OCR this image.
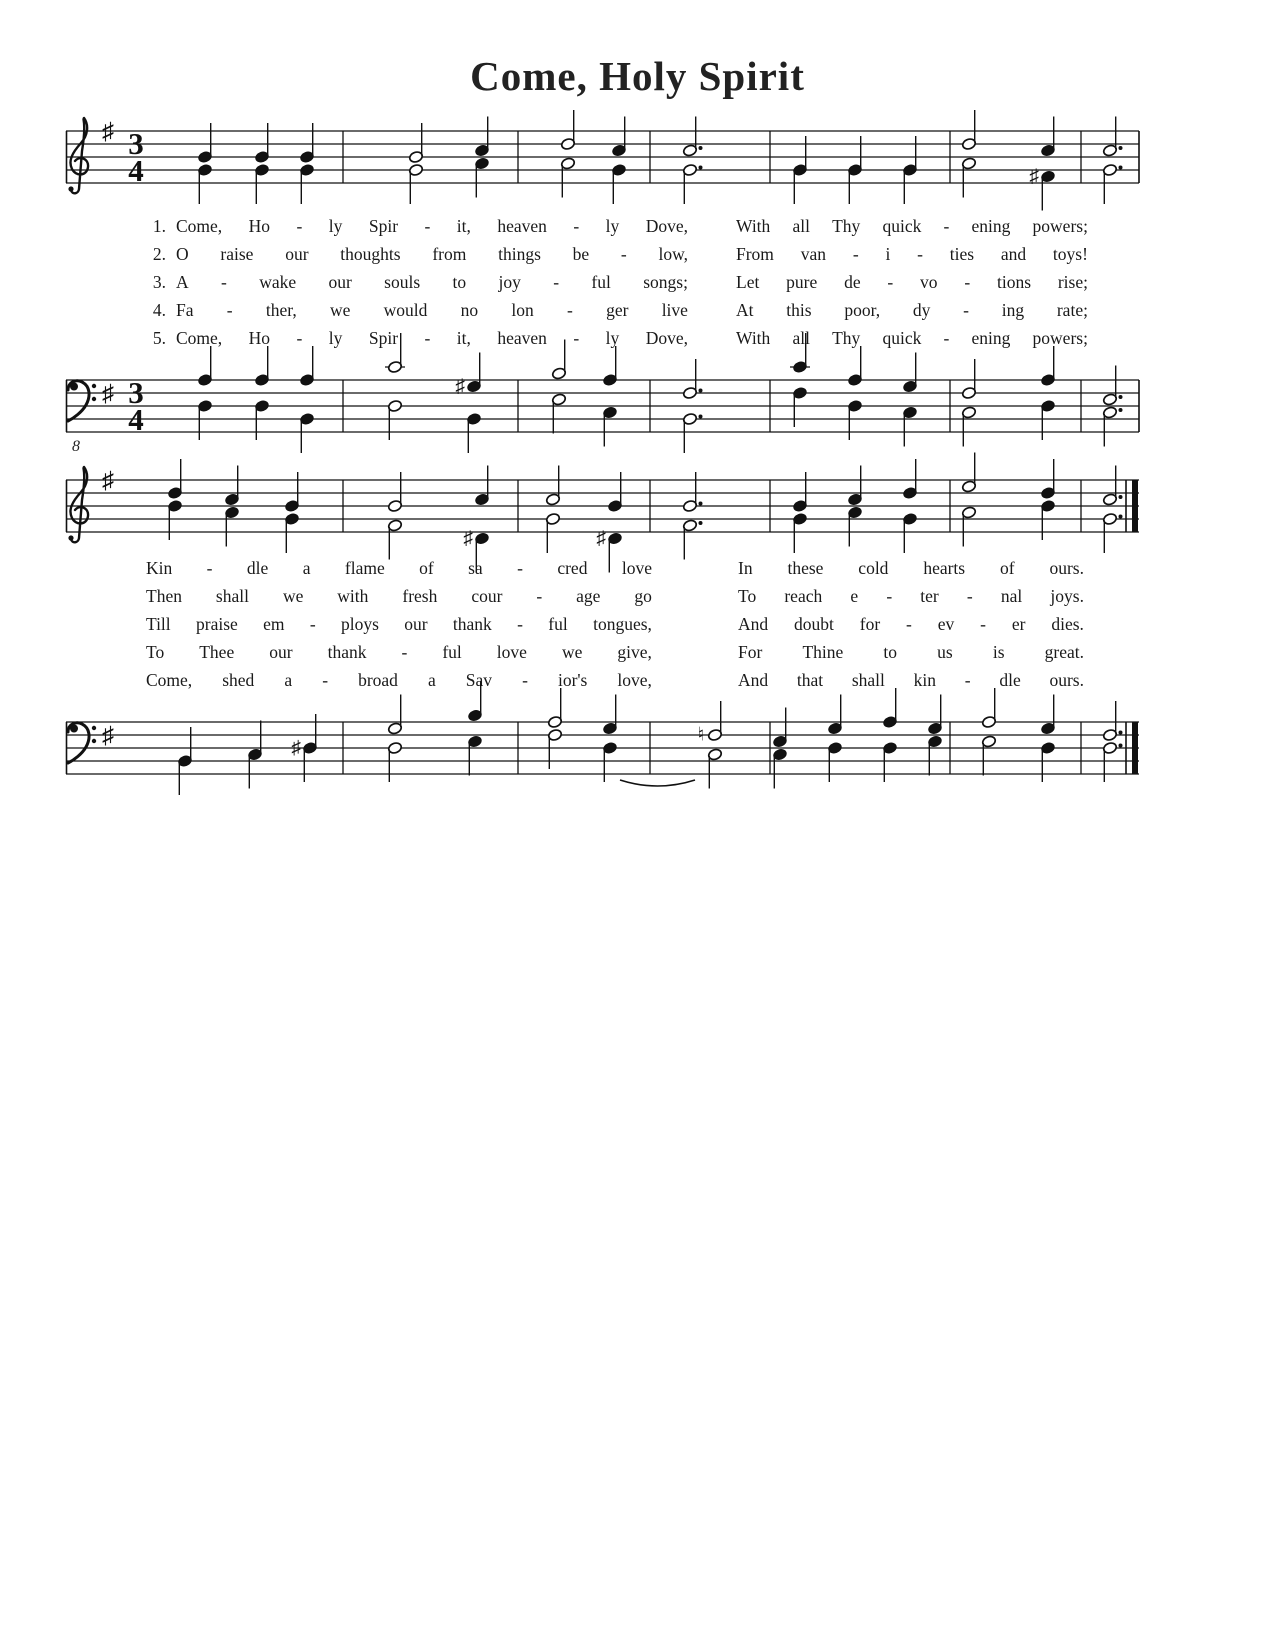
Come, Holy Spirit
♯ 3
4	♯
1. Come, Ho - ly Spir - it, heaven - ly Dove,	With all Thy quick - ening powers;
2. O raise our thoughts from things be - low,	From van - i - ties and toys!
3. A - wake our souls to joy - ful songs;	Let pure de - vo - tions rise;
4. Fa - ther, we would no lon - ger live	At this poor, dy - ing rate;
5. Come, Ho - ly Spir - it, heaven - ly Dove,	With all Thy quick - ening powers;
♯ 3
4
♯
8
♯
♯	♯
Kin - dle a flame of sa - cred love	In these cold hearts of ours.
Then shall we with fresh cour - age go	To reach e - ter - nal joys.
Till praise em - ploys our thank - ful tongues,	And doubt for - ev - er dies.
To Thee our thank - ful love we give,	For Thine to us is great.
Come, shed a - broad a Sav - ior's love,	And that shall kin - dle ours.
♯	♯
♮
